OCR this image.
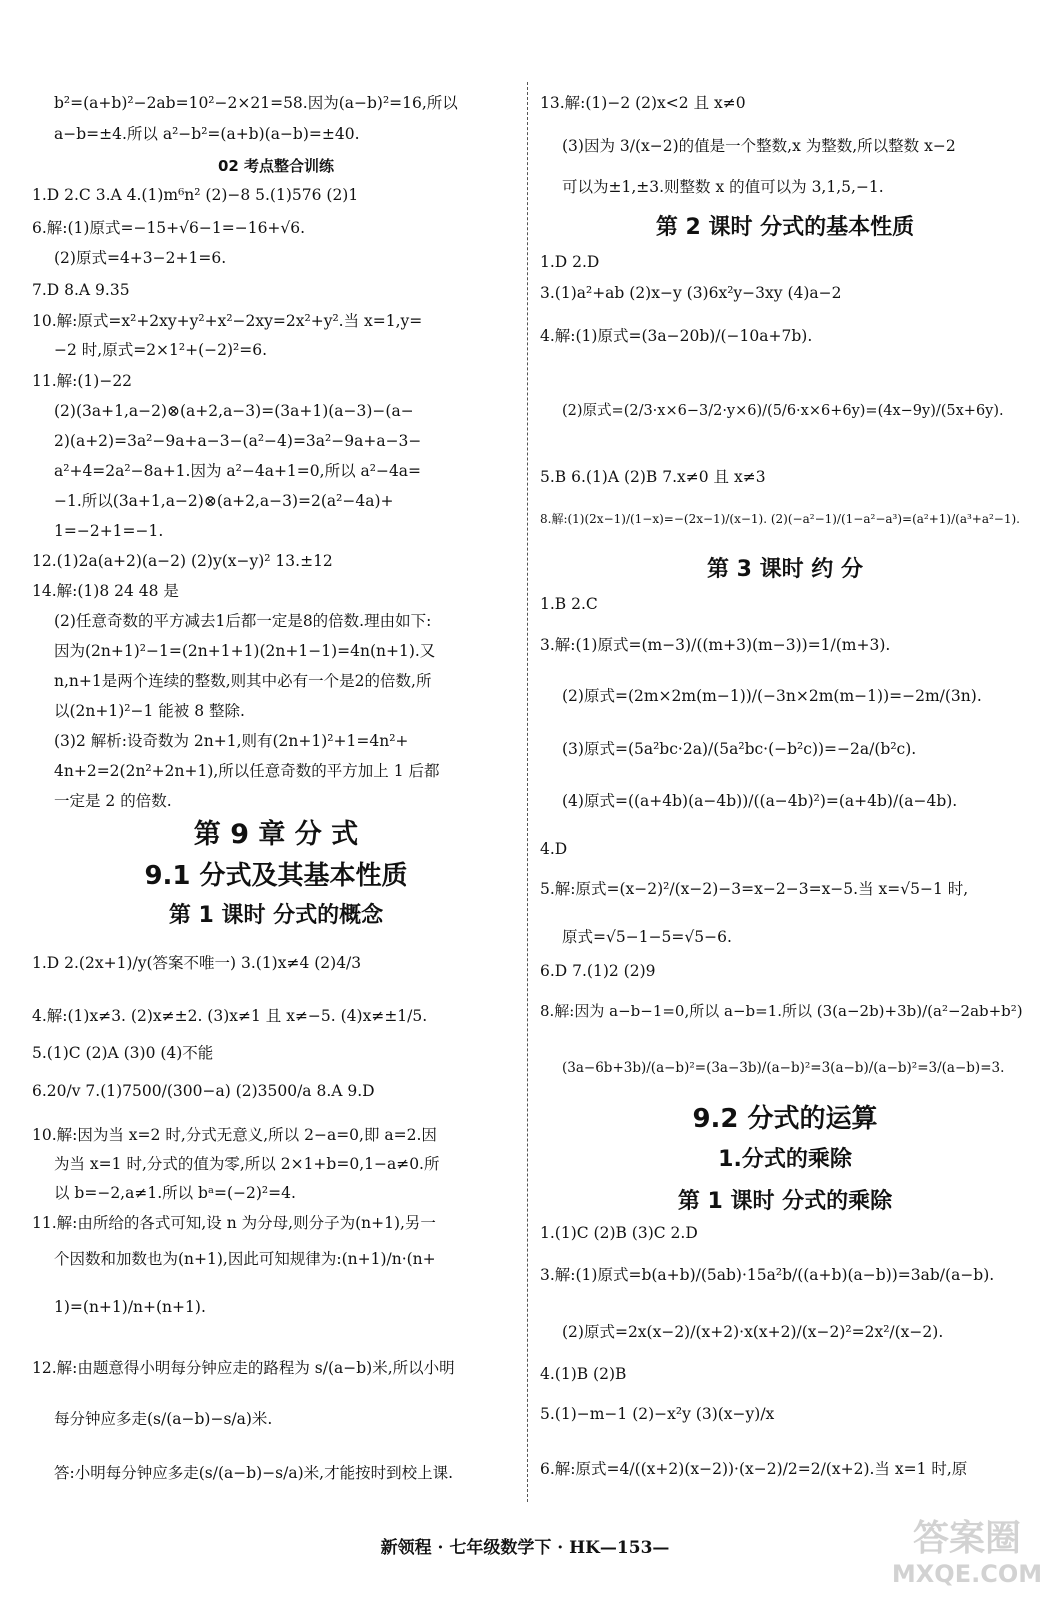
02 考点整合训练
第 9 章 分 式
9.1 分式及其基本性质
第 1 课时 分式的概念
b²=(a+b)²−2ab=10²−2×21=58.因为(a−b)²=16,所以
a−b=±4.所以 a²−b²=(a+b)(a−b)=±40.
1.D 2.C 3.A 4.(1)m⁶n² (2)−8 5.(1)576 (2)1
6.解:(1)原式=−15+√6−1=−16+√6.
(2)原式=4+3−2+1=6.
7.D 8.A 9.35
10.解:原式=x²+2xy+y²+x²−2xy=2x²+y².当 x=1,y=
−2 时,原式=2×1²+(−2)²=6.
11.解:(1)−22
(2)(3a+1,a−2)⊗(a+2,a−3)=(3a+1)(a−3)−(a−
2)(a+2)=3a²−9a+a−3−(a²−4)=3a²−9a+a−3−
a²+4=2a²−8a+1.因为 a²−4a+1=0,所以 a²−4a=
−1.所以(3a+1,a−2)⊗(a+2,a−3)=2(a²−4a)+
1=−2+1=−1.
12.(1)2a(a+2)(a−2) (2)y(x−y)² 13.±12
14.解:(1)8 24 48 是
(2)任意奇数的平方减去1后都一定是8的倍数.理由如下:
因为(2n+1)²−1=(2n+1+1)(2n+1−1)=4n(n+1).又
n,n+1是两个连续的整数,则其中必有一个是2的倍数,所
以(2n+1)²−1 能被 8 整除.
(3)2 解析:设奇数为 2n+1,则有(2n+1)²+1=4n²+
4n+2=2(2n²+2n+1),所以任意奇数的平方加上 1 后都
一定是 2 的倍数.
1.D 2.(2x+1)/y(答案不唯一) 3.(1)x≠4 (2)4/3
4.解:(1)x≠3. (2)x≠±2. (3)x≠1 且 x≠−5. (4)x≠±1/5.
5.(1)C (2)A (3)0 (4)不能
6.20/v 7.(1)7500/(300−a) (2)3500/a 8.A 9.D
10.解:因为当 x=2 时,分式无意义,所以 2−a=0,即 a=2.因
为当 x=1 时,分式的值为零,所以 2×1+b=0,1−a≠0.所
以 b=−2,a≠1.所以 bᵃ=(−2)²=4.
11.解:由所给的各式可知,设 n 为分母,则分子为(n+1),另一
个因数和加数也为(n+1),因此可知规律为:(n+1)/n·(n+
1)=(n+1)/n+(n+1).
12.解:由题意得小明每分钟应走的路程为 s/(a−b)米,所以小明
每分钟应多走(s/(a−b)−s/a)米.
答:小明每分钟应多走(s/(a−b)−s/a)米,才能按时到校上课.
第 2 课时 分式的基本性质
第 3 课时 约 分
9.2 分式的运算
1.分式的乘除
第 1 课时 分式的乘除
13.解:(1)−2 (2)x<2 且 x≠0
(3)因为 3/(x−2)的值是一个整数,x 为整数,所以整数 x−2
可以为±1,±3.则整数 x 的值可以为 3,1,5,−1.
1.D 2.D
3.(1)a²+ab (2)x−y (3)6x²y−3xy (4)a−2
4.解:(1)原式=(3a−20b)/(−10a+7b).
(2)原式=(2/3·x×6−3/2·y×6)/(5/6·x×6+6y)=(4x−9y)/(5x+6y).
5.B 6.(1)A (2)B 7.x≠0 且 x≠3
8.解:(1)(2x−1)/(1−x)=−(2x−1)/(x−1). (2)(−a²−1)/(1−a²−a³)=(a²+1)/(a³+a²−1).
1.B 2.C
3.解:(1)原式=(m−3)/((m+3)(m−3))=1/(m+3).
(2)原式=(2m×2m(m−1))/(−3n×2m(m−1))=−2m/(3n).
(3)原式=(5a²bc·2a)/(5a²bc·(−b²c))=−2a/(b²c).
(4)原式=((a+4b)(a−4b))/((a−4b)²)=(a+4b)/(a−4b).
4.D
5.解:原式=(x−2)²/(x−2)−3=x−2−3=x−5.当 x=√5−1 时,
原式=√5−1−5=√5−6.
6.D 7.(1)2 (2)9
8.解:因为 a−b−1=0,所以 a−b=1.所以 (3(a−2b)+3b)/(a²−2ab+b²)
(3a−6b+3b)/(a−b)²=(3a−3b)/(a−b)²=3(a−b)/(a−b)²=3/(a−b)=3.
1.(1)C (2)B (3)C 2.D
3.解:(1)原式=b(a+b)/(5ab)·15a²b/((a+b)(a−b))=3ab/(a−b).
(2)原式=2x(x−2)/(x+2)·x(x+2)/(x−2)²=2x²/(x−2).
4.(1)B (2)B
5.(1)−m−1 (2)−x²y (3)(x−y)/x
6.解:原式=4/((x+2)(x−2))·(x−2)/2=2/(x+2).当 x=1 时,原
新领程 · 七年级数学下 · HK—153—	答案圈
MXQE.COM
